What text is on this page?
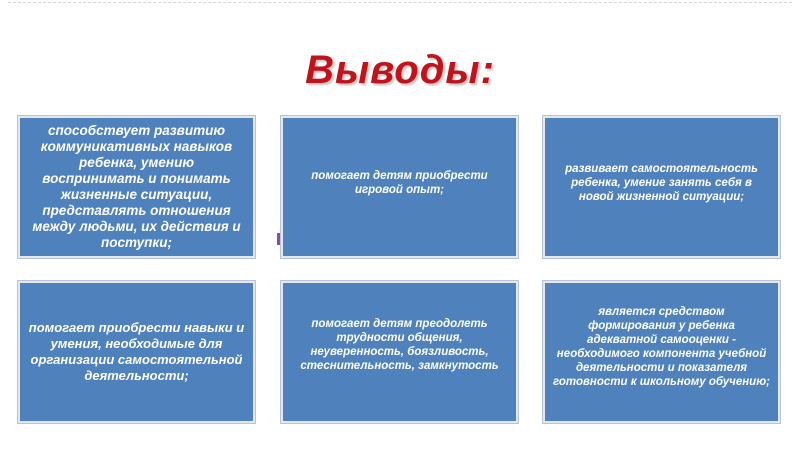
Выводы:
способствует развитию коммуникативных навыков ребенка, умению воспринимать и понимать жизненные ситуации, представлять отношения между людьми, их действия и поступки;
помогает детям приобрести игровой опыт;
развивает самостоятельность ребенка, умение занять себя в новой жизненной ситуации;
помогает приобрести навыки и умения, необходимые для организации самостоятельной деятельности;
помогает детям преодолеть трудности общения, неуверенность, боязливость, стеснительность, замкнутость
является средством формирования у ребенка адекватной самооценки - необходимого компонента учебной деятельности и показателя готовности к школьному обучению;
